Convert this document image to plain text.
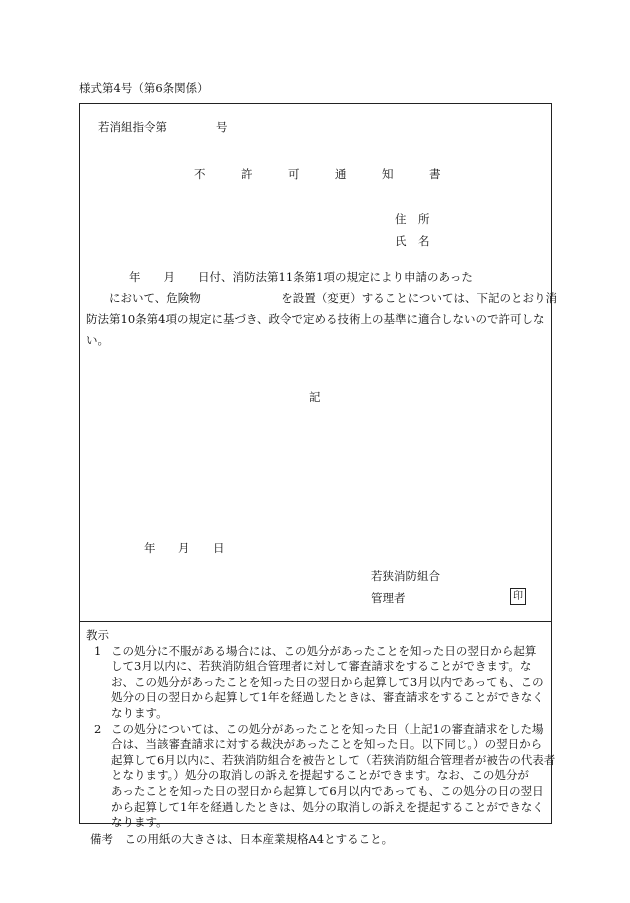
様式第4号（第6条関係）
若消組指令第	号
不	許	可	通	知	書
住　所
氏　名
　　年　　月　　日付、消防法第11条第1項の規定により申請のあった
　　において、危険物　　　　　　　を設置（変更）することについては、下記のとおり消
防法第10条第4項の規定に基づき、政令で定める技術上の基準に適合しないので許可しな
い。
記
年 月 日
若狭消防組合
管理者	印
教示
1 この処分に不服がある場合には、この処分があったことを知った日の翌日から起算

して3月以内に、若狭消防組合管理者に対して審査請求をすることができます。な

お、この処分があったことを知った日の翌日から起算して3月以内であっても、この

処分の日の翌日から起算して1年を経過したときは、審査請求をすることができなく

なります。

2 この処分については、この処分があったことを知った日（上記1の審査請求をした場

合は、当該審査請求に対する裁決があったことを知った日。以下同じ。）の翌日から

起算して6月以内に、若狭消防組合を被告として（若狭消防組合管理者が被告の代表者

となります。）処分の取消しの訴えを提起することができます。なお、この処分が

あったことを知った日の翌日から起算して6月以内であっても、この処分の日の翌日

から起算して1年を経過したときは、処分の取消しの訴えを提起することができなく

なります。

備考　この用紙の大きさは、日本産業規格A4とすること。
